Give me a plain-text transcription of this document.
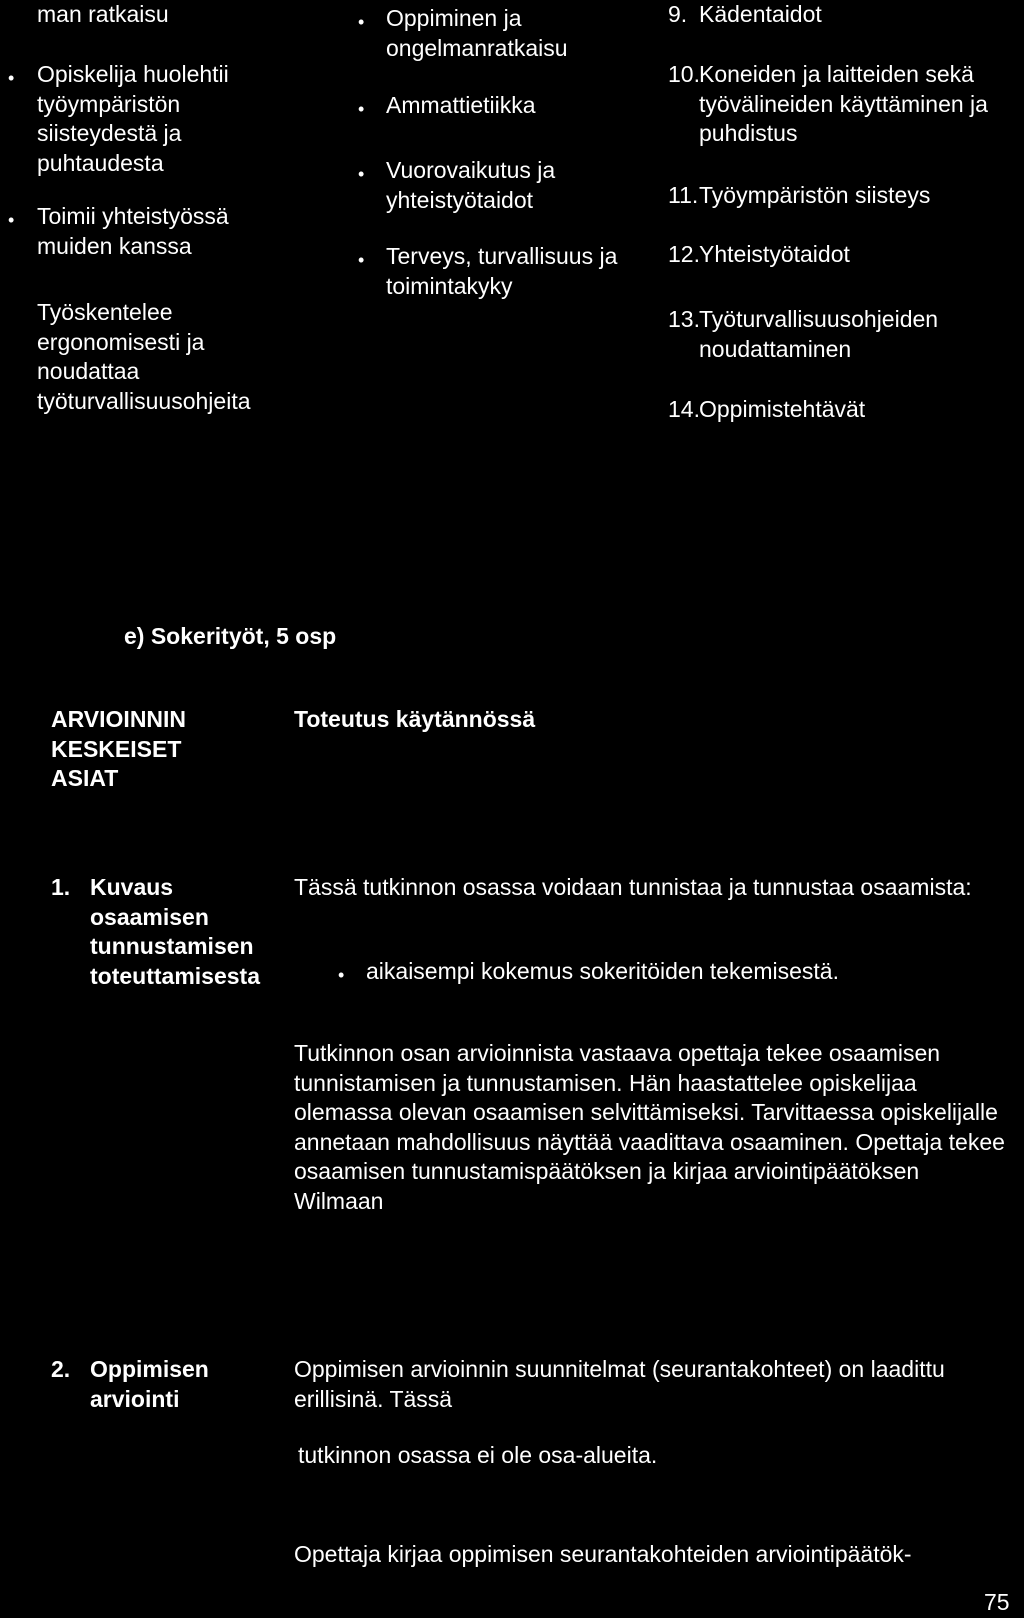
man ratkaisu
• Opiskelija huolehtii työympäristön siisteydestä ja puhtaudesta

• Toimii yhteistyössä muiden kanssa

Työskentelee ergonomisesti ja noudattaa työturvallisuusohjeita

• Oppiminen ja ongelmanratkaisu

• Ammattietiikka

• Vuorovaikutus ja yhteistyötaidot

• Terveys, turvallisuus ja toimintakyky

9. Kädentaidot

10. Koneiden ja laitteiden sekä työvälineiden käyttäminen ja puhdistus

11. Työympäristön siisteys

12. Yhteistyötaidot

13. Työturvallisuusohjeiden noudattaminen

14. Oppimistehtävät

e) Sokerityöt, 5 osp

ARVIOINNIN KESKEISET ASIAT

Toteutus käytännössä
1. Kuvaus osaamisen tunnustamisen toteuttamisesta

Tässä tutkinnon osassa voidaan tunnistaa ja tunnustaa osaamista:

• aikaisempi kokemus sokeritöiden tekemisestä.

Tutkinnon osan arvioinnista vastaava opettaja tekee osaamisen tunnistamisen ja tunnustamisen. Hän haastattelee opiskelijaa olemassa olevan osaamisen selvittämiseksi. Tarvittaessa opiskelijalle annetaan mahdollisuus näyttää vaadittava osaaminen. Opettaja tekee osaamisen tunnustamispäätöksen ja kirjaa arviointipäätöksen Wilmaan

2. Oppimisen arviointi

Oppimisen arvioinnin suunnitelmat (seurantakohteet) on laadittu erillisinä. Tässä

tutkinnon osassa ei ole osa-alueita.

Opettaja kirjaa oppimisen seurantakohteiden arviointipäätök-

75
